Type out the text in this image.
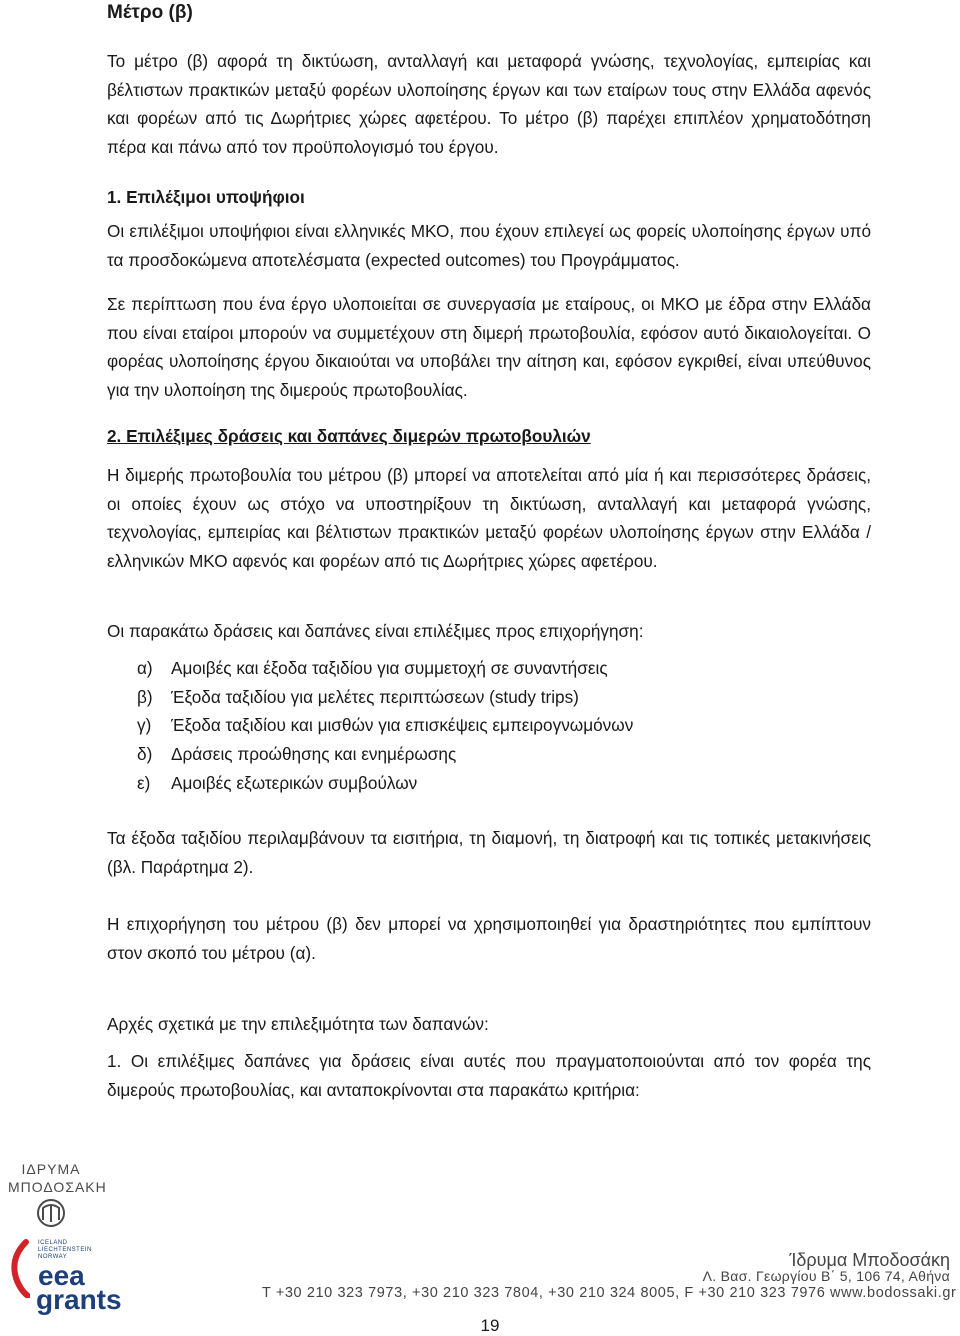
Μέτρο (β)

Το μέτρο (β) αφορά τη δικτύωση, ανταλλαγή και μεταφορά γνώσης, τεχνολογίας, εμπειρίας και βέλτιστων πρακτικών μεταξύ φορέων υλοποίησης έργων και των εταίρων τους στην Ελλάδα αφενός και φορέων από τις Δωρήτριες χώρες αφετέρου. Το μέτρο (β) παρέχει επιπλέον χρηματοδότηση πέρα και πάνω από τον προϋπολογισμό του έργου.

1. Επιλέξιμοι υποψήφιοι

Οι επιλέξιμοι υποψήφιοι είναι ελληνικές ΜΚΟ, που έχουν επιλεγεί ως φορείς υλοποίησης έργων υπό τα προσδοκώμενα αποτελέσματα (expected outcomes) του Προγράμματος.

Σε περίπτωση που ένα έργο υλοποιείται σε συνεργασία με εταίρους, οι ΜΚΟ με έδρα στην Ελλάδα που είναι εταίροι μπορούν να συμμετέχουν στη διμερή πρωτοβουλία, εφόσον αυτό δικαιολογείται. Ο φορέας υλοποίησης έργου δικαιούται να υποβάλει την αίτηση και, εφόσον εγκριθεί, είναι υπεύθυνος για την υλοποίηση της διμερούς πρωτοβουλίας.

2. Επιλέξιμες δράσεις και δαπάνες διμερών πρωτοβουλιών

Η διμερής πρωτοβουλία του μέτρου (β) μπορεί να αποτελείται από μία ή και περισσότερες δράσεις, οι οποίες έχουν ως στόχο να υποστηρίξουν τη δικτύωση, ανταλλαγή και μεταφορά γνώσης, τεχνολογίας, εμπειρίας και βέλτιστων πρακτικών μεταξύ φορέων υλοποίησης έργων στην Ελλάδα / ελληνικών ΜΚΟ αφενός και φορέων από τις Δωρήτριες χώρες αφετέρου.

Οι παρακάτω δράσεις και δαπάνες είναι επιλέξιμες προς επιχορήγηση:

α)	Αμοιβές και έξοδα ταξιδίου για συμμετοχή σε συναντήσεις
β)	Έξοδα ταξιδίου για μελέτες περιπτώσεων (study trips)
γ)	Έξοδα ταξιδίου και μισθών για επισκέψεις εμπειρογνωμόνων
δ)	Δράσεις προώθησης και ενημέρωσης
ε)	Αμοιβές εξωτερικών συμβούλων

Τα έξοδα ταξιδίου περιλαμβάνουν τα εισιτήρια, τη διαμονή, τη διατροφή και τις τοπικές μετακινήσεις (βλ. Παράρτημα 2).

Η επιχορήγηση του μέτρου (β) δεν μπορεί να χρησιμοποιηθεί για δραστηριότητες που εμπίπτουν στον σκοπό του μέτρου (α).

Αρχές σχετικά με την επιλεξιμότητα των δαπανών:

1. Οι επιλέξιμες δαπάνες για δράσεις είναι αυτές που πραγματοποιούνται από τον φορέα της διμερούς πρωτοβουλίας, και ανταποκρίνονται στα παρακάτω κριτήρια:

ΙΔΡΥΜΑ
ΜΠΟΔΟΣΑΚΗ
ICELAND
LIECHTENSTEIN
NORWAY
eea
grants
Ίδρυμα Μποδοσάκη
Λ. Βασ. Γεωργίου Β΄ 5, 106 74, Αθήνα
T +30 210 323 7973, +30 210 323 7804, +30 210 324 8005, F +30 210 323 7976 www.bodossaki.gr
19
